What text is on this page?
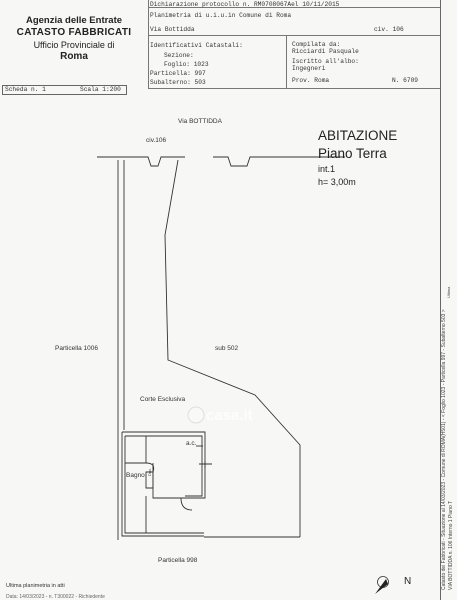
Agenzia delle Entrate
CATASTO FABBRICATI
Ufficio Provinciale di
Roma
Dichiarazione protocollo n. RM0708067Ael 10/11/2015
Planimetria di u.i.u.in Comune di Roma
Via Bottidda	civ. 106
Identificativi Catastali:
Sezione:
Foglio: 1023
Particella: 997
Subalterno: 503
Compilata da:
Ricciardi Pasquale
Iscritto all'albo:
Ingegneri
Prov. Roma	N. 6709
Scheda n. 1	Scala 1:200
Via BOTTIDDA
civ.106	ABITAZIONE
Piano Terra
int.1
h= 3,00m
Particella 1006	sub 502
Corte Esclusiva
Bagno Doc.
a.c.
Particella 998
N
casa.it
Ultima planimetria in atti
Data: 14/03/2023 - n. T300022 - Richiedente
Catasto dei Fabbricati - Situazione al 14/03/2023 - Comune di ROMA(H501) - < Foglio 1023 - Particella 997 - Subalterno 503 > VIA BOTTIDDA n. 106 Interno 1 Piano T
Ultima
